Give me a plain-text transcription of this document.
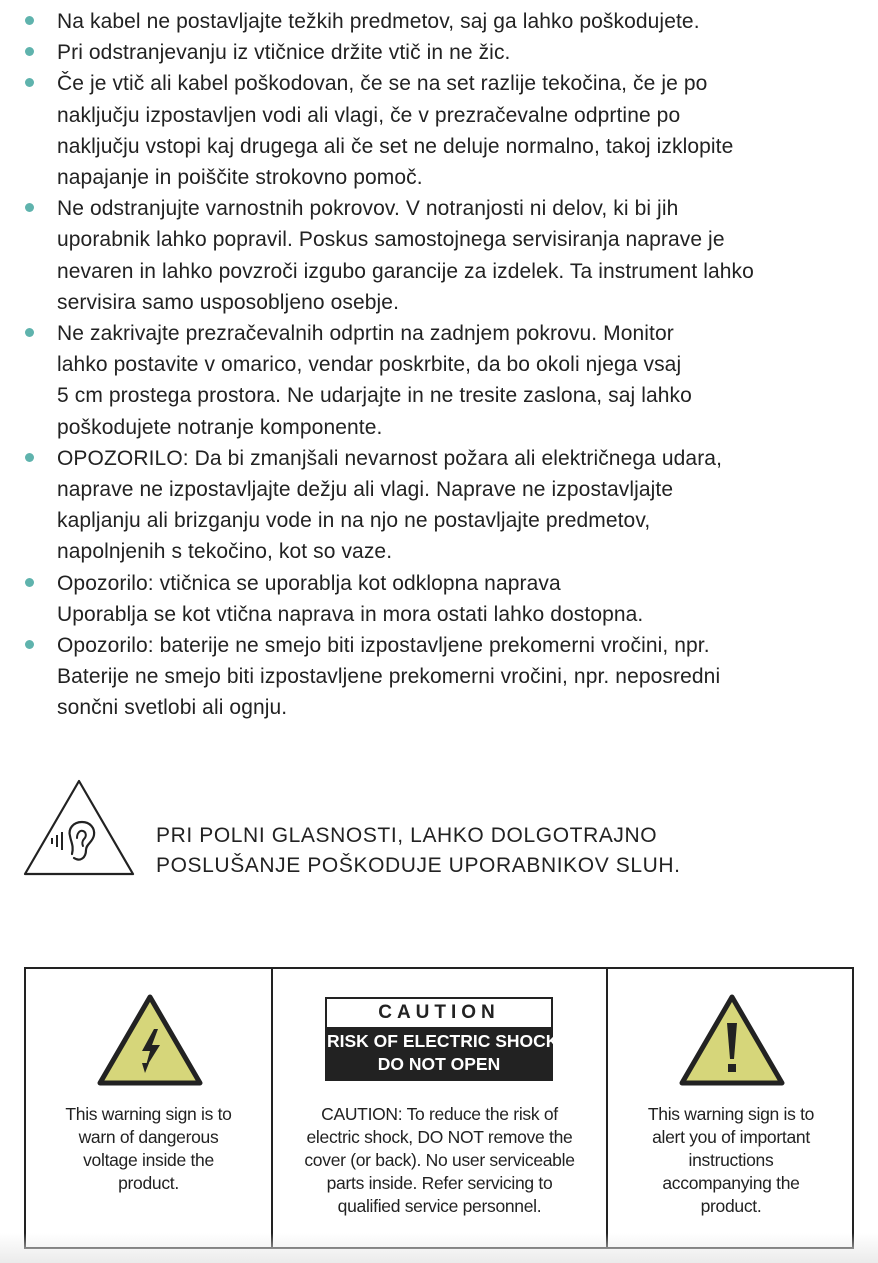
Na kabel ne postavljajte težkih predmetov, saj ga lahko poškodujete.
Pri odstranjevanju iz vtičnice držite vtič in ne žic.
Če je vtič ali kabel poškodovan, če se na set razlije tekočina, če je po
naključju izpostavljen vodi ali vlagi, če v prezračevalne odprtine po
naključju vstopi kaj drugega ali če set ne deluje normalno, takoj izklopite
napajanje in poiščite strokovno pomoč.
Ne odstranjujte varnostnih pokrovov. V notranjosti ni delov, ki bi jih
uporabnik lahko popravil. Poskus samostojnega servisiranja naprave je
nevaren in lahko povzroči izgubo garancije za izdelek. Ta instrument lahko
servisira samo usposobljeno osebje.
Ne zakrivajte prezračevalnih odprtin na zadnjem pokrovu. Monitor
lahko postavite v omarico, vendar poskrbite, da bo okoli njega vsaj
5 cm prostega prostora. Ne udarjajte in ne tresite zaslona, saj lahko
poškodujete notranje komponente.
OPOZORILO: Da bi zmanjšali nevarnost požara ali električnega udara,
naprave ne izpostavljajte dežju ali vlagi. Naprave ne izpostavljajte
kapljanju ali brizganju vode in na njo ne postavljajte predmetov,
napolnjenih s tekočino, kot so vaze.
Opozorilo: vtičnica se uporablja kot odklopna naprava
Uporablja se kot vtična naprava in mora ostati lahko dostopna.
Opozorilo: baterije ne smejo biti izpostavljene prekomerni vročini, npr.
Baterije ne smejo biti izpostavljene prekomerni vročini, npr. neposredni
sončni svetlobi ali ognju.
PRI POLNI GLASNOSTI, LAHKO DOLGOTRAJNO
POSLUŠANJE POŠKODUJE UPORABNIKOV SLUH.
This warning sign is to
warn of dangerous
voltage inside the
product.
CAUTION
RISK OF ELECTRIC SHOCK
DO NOT OPEN
CAUTION: To reduce the risk of
electric shock, DO NOT remove the
cover (or back). No user serviceable
parts inside. Refer servicing to
qualified service personnel.
This warning sign is to
alert you of important
instructions
accompanying the
product.
